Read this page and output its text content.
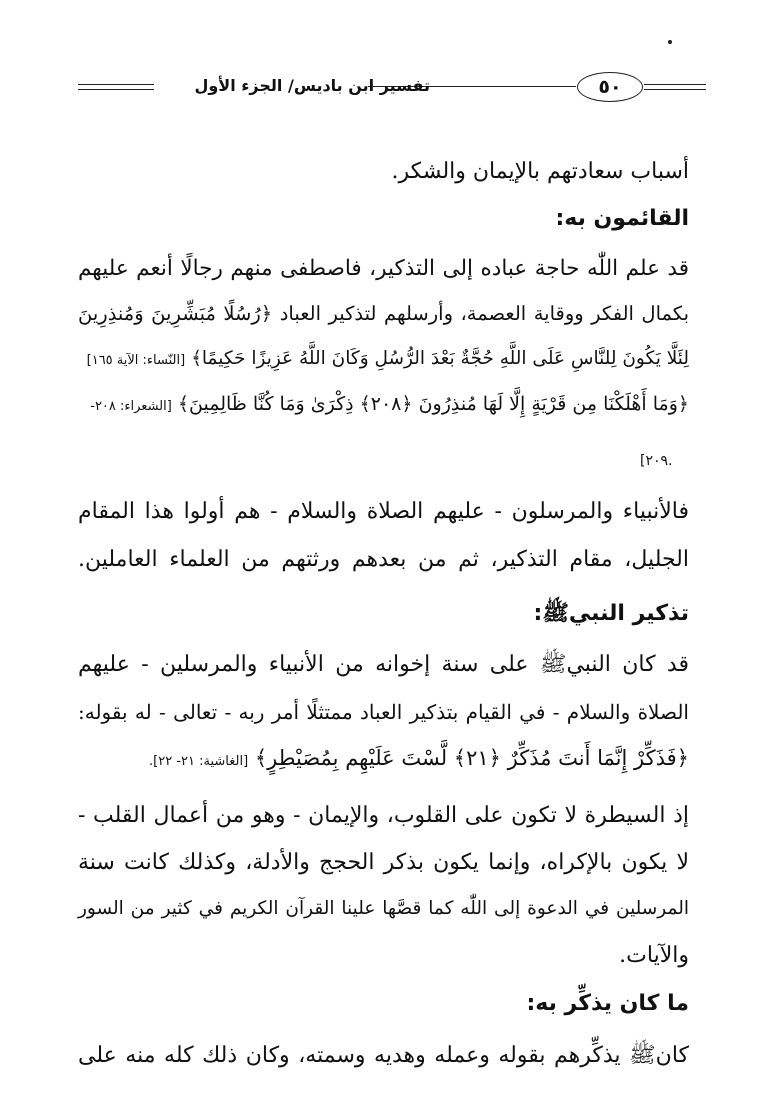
تفسير ابن باديس/ الجزء الأول	٥٠
أسباب سعادتهم بالإيمان والشكر.
القائمون به:
قد علم اللّٰه حاجة عباده إلى التذكير، فاصطفى منهم رجالًا أنعم عليهم
بكمال الفكر ووقاية العصمة، وأرسلهم لتذكير العباد ﴿رُسُلًا مُبَشِّرِينَ وَمُنذِرِينَ
لِئَلَّا يَكُونَ لِلنَّاسِ عَلَى اللَّهِ حُجَّةٌ بَعْدَ الرُّسُلِ وَكَانَ اللَّهُ عَزِيزًا حَكِيمًا﴾ [النّساء: الآية ١٦٥]
﴿وَمَا أَهْلَكْنَا مِن قَرْيَةٍ إِلَّا لَهَا مُنذِرُونَ ﴿٢٠٨﴾ ذِكْرَىٰ وَمَا كُنَّا ظَالِمِينَ﴾ [الشعراء: ٢٠٨-
.٢٠٩]
فالأنبياء والمرسلون - عليهم الصلاة والسلام - هم أولوا هذا المقام
الجليل، مقام التذكير، ثم من بعدهم ورثتهم من العلماء العاملين.
تذكير النبيﷺ:
قد كان النبيﷺ على سنة إخوانه من الأنبياء والمرسلين - عليهم
الصلاة والسلام - في القيام بتذكير العباد ممتثلًا أمر ربه - تعالى - له بقوله:
﴿فَذَكِّرْ إِنَّمَا أَنتَ مُذَكِّرٌ ﴿٢١﴾ لَّسْتَ عَلَيْهِم بِمُصَيْطِرٍ﴾ [الغاشية: ٢١- ٢٢].
إذ السيطرة لا تكون على القلوب، والإيمان - وهو من أعمال القلب -
لا يكون بالإكراه، وإنما يكون بذكر الحجج والأدلة، وكذلك كانت سنة
المرسلين في الدعوة إلى اللّٰه كما قصَّها علينا القرآن الكريم في كثير من السور
والآيات.
ما كان يذكِّر به:
كانﷺ يذكِّرهم بقوله وعمله وهديه وسمته، وكان ذلك كله منه على
